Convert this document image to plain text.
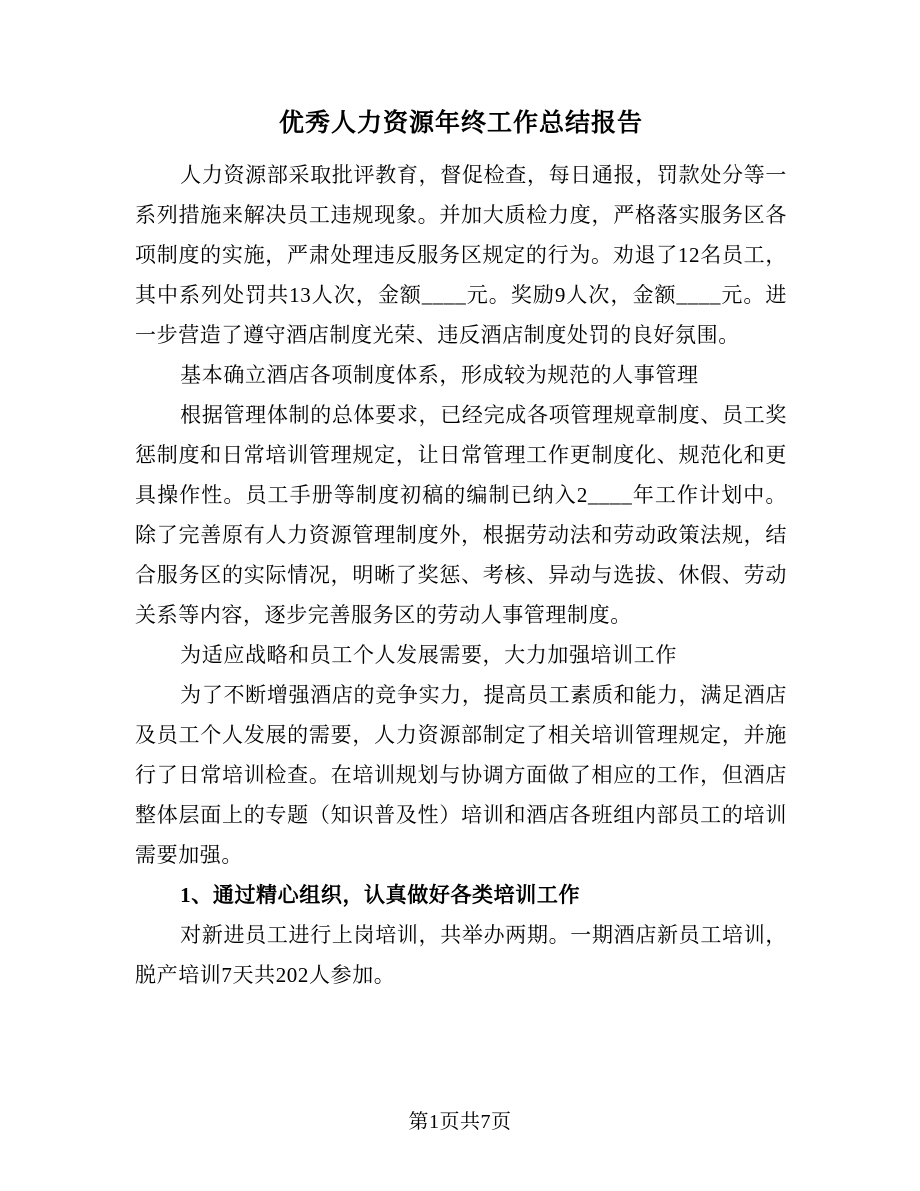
优秀人力资源年终工作总结报告

人力资源部采取批评教育，督促检查，每日通报，罚款处分等一系列措施来解决员工违规现象。并加大质检力度，严格落实服务区各项制度的实施，严肃处理违反服务区规定的行为。劝退了12名员工，其中系列处罚共13人次，金额____元。奖励9人次，金额____元。进一步营造了遵守酒店制度光荣、违反酒店制度处罚的良好氛围。

基本确立酒店各项制度体系，形成较为规范的人事管理

根据管理体制的总体要求，已经完成各项管理规章制度、员工奖惩制度和日常培训管理规定，让日常管理工作更制度化、规范化和更具操作性。员工手册等制度初稿的编制已纳入2____年工作计划中。除了完善原有人力资源管理制度外，根据劳动法和劳动政策法规，结合服务区的实际情况，明晰了奖惩、考核、异动与选拔、休假、劳动关系等内容，逐步完善服务区的劳动人事管理制度。

为适应战略和员工个人发展需要，大力加强培训工作

为了不断增强酒店的竞争实力，提高员工素质和能力，满足酒店及员工个人发展的需要，人力资源部制定了相关培训管理规定，并施行了日常培训检查。在培训规划与协调方面做了相应的工作，但酒店整体层面上的专题（知识普及性）培训和酒店各班组内部员工的培训需要加强。

1、通过精心组织，认真做好各类培训工作

对新进员工进行上岗培训，共举办两期。一期酒店新员工培训，脱产培训7天共202人参加。

第1页共7页
